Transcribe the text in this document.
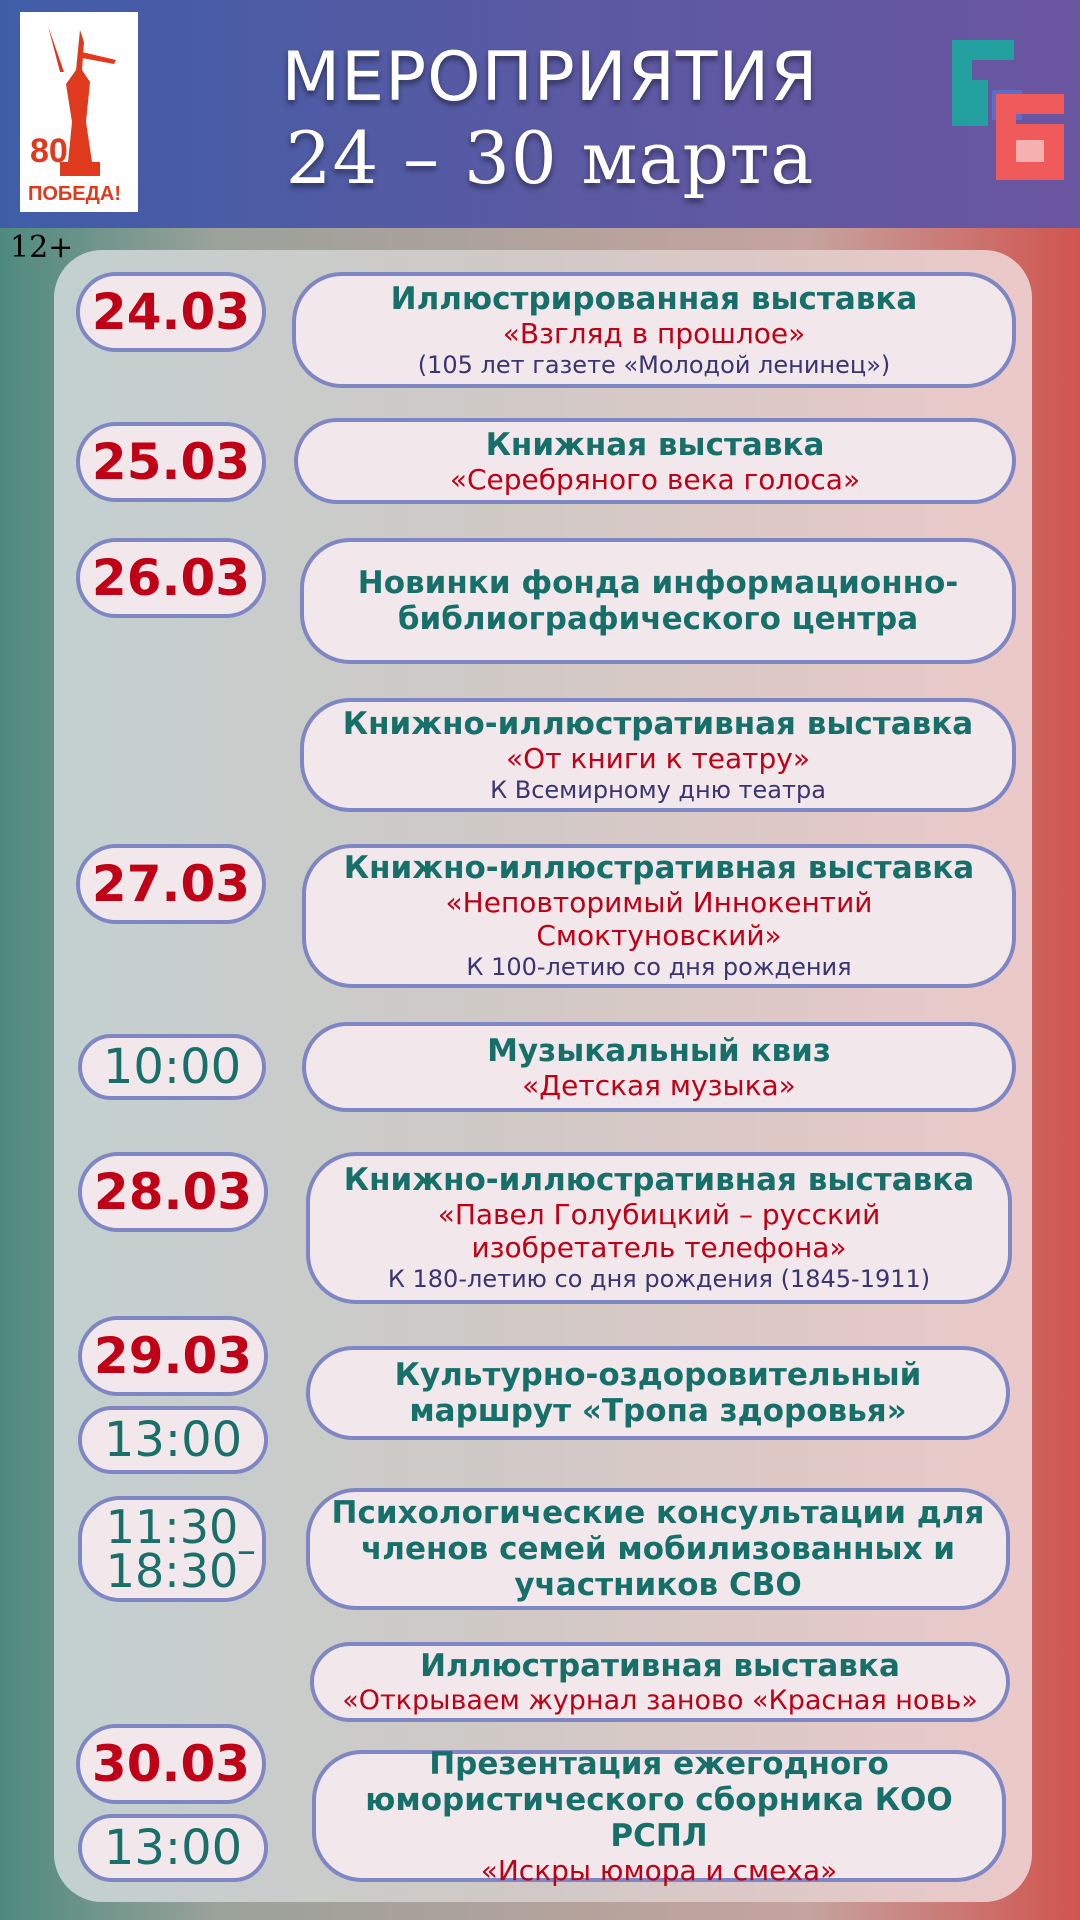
80
ПОБЕДА!
МЕРОПРИЯТИЯ
24 – 30 марта
12+
24.03
25.03
26.03
27.03
10:00
28.03
29.03
13:00
11:30
18:30
–
30.03
13:00
Иллюстрированная выставка
«Взгляд в прошлое»
(105 лет газете «Молодой ленинец»)
Книжная выставка
«Серебряного века голоса»
Новинки фонда информационно-библиографического центра
Книжно-иллюстративная выставка
«От книги к театру»
К Всемирному дню театра
Книжно-иллюстративная выставка
«Неповторимый Иннокентий Смоктуновский»
К 100-летию со дня рождения
Музыкальный квиз
«Детская музыка»
Книжно-иллюстративная выставка
«Павел Голубицкий – русский изобретатель телефона»
К 180-летию со дня рождения (1845-1911)
Культурно-оздоровительный маршрут «Тропа здоровья»
Психологические консультации для членов семей мобилизованных и участников СВО
Иллюстративная выставка
«Открываем журнал заново «Красная новь»
Презентация ежегодного юмористического сборника КОО РСПЛ
«Искры юмора и смеха»
